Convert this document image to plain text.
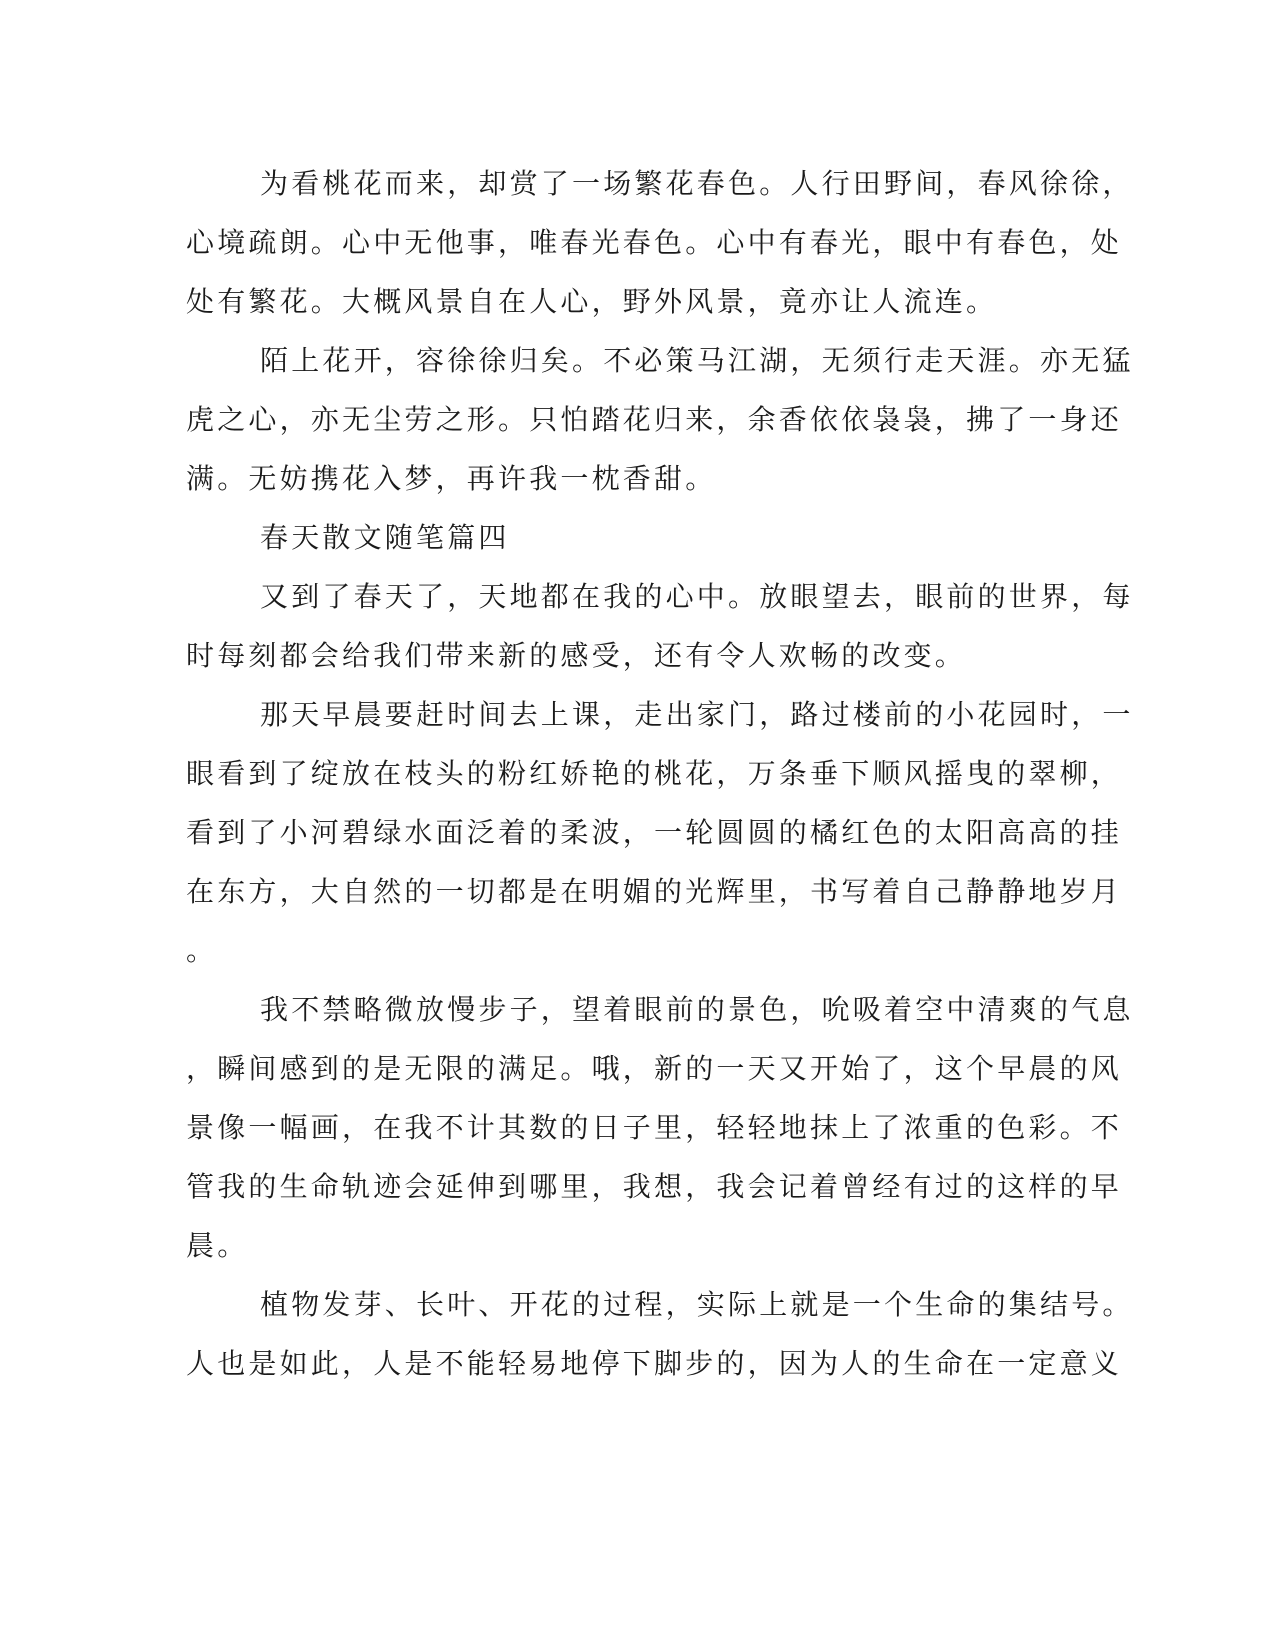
为看桃花而来，却赏了一场繁花春色。人行田野间，春风徐徐，
心境疏朗。心中无他事，唯春光春色。心中有春光，眼中有春色，处
处有繁花。大概风景自在人心，野外风景，竟亦让人流连。
陌上花开，容徐徐归矣。不必策马江湖，无须行走天涯。亦无猛
虎之心，亦无尘劳之形。只怕踏花归来，余香依依袅袅，拂了一身还
满。无妨携花入梦，再许我一枕香甜。
春天散文随笔篇四
又到了春天了，天地都在我的心中。放眼望去，眼前的世界，每
时每刻都会给我们带来新的感受，还有令人欢畅的改变。
那天早晨要赶时间去上课，走出家门，路过楼前的小花园时，一
眼看到了绽放在枝头的粉红娇艳的桃花，万条垂下顺风摇曳的翠柳，
看到了小河碧绿水面泛着的柔波，一轮圆圆的橘红色的太阳高高的挂
在东方，大自然的一切都是在明媚的光辉里，书写着自己静静地岁月
。
我不禁略微放慢步子，望着眼前的景色，吮吸着空中清爽的气息
，瞬间感到的是无限的满足。哦，新的一天又开始了，这个早晨的风
景像一幅画，在我不计其数的日子里，轻轻地抹上了浓重的色彩。不
管我的生命轨迹会延伸到哪里，我想，我会记着曾经有过的这样的早
晨。
植物发芽、长叶、开花的过程，实际上就是一个生命的集结号。
人也是如此，人是不能轻易地停下脚步的，因为人的生命在一定意义
